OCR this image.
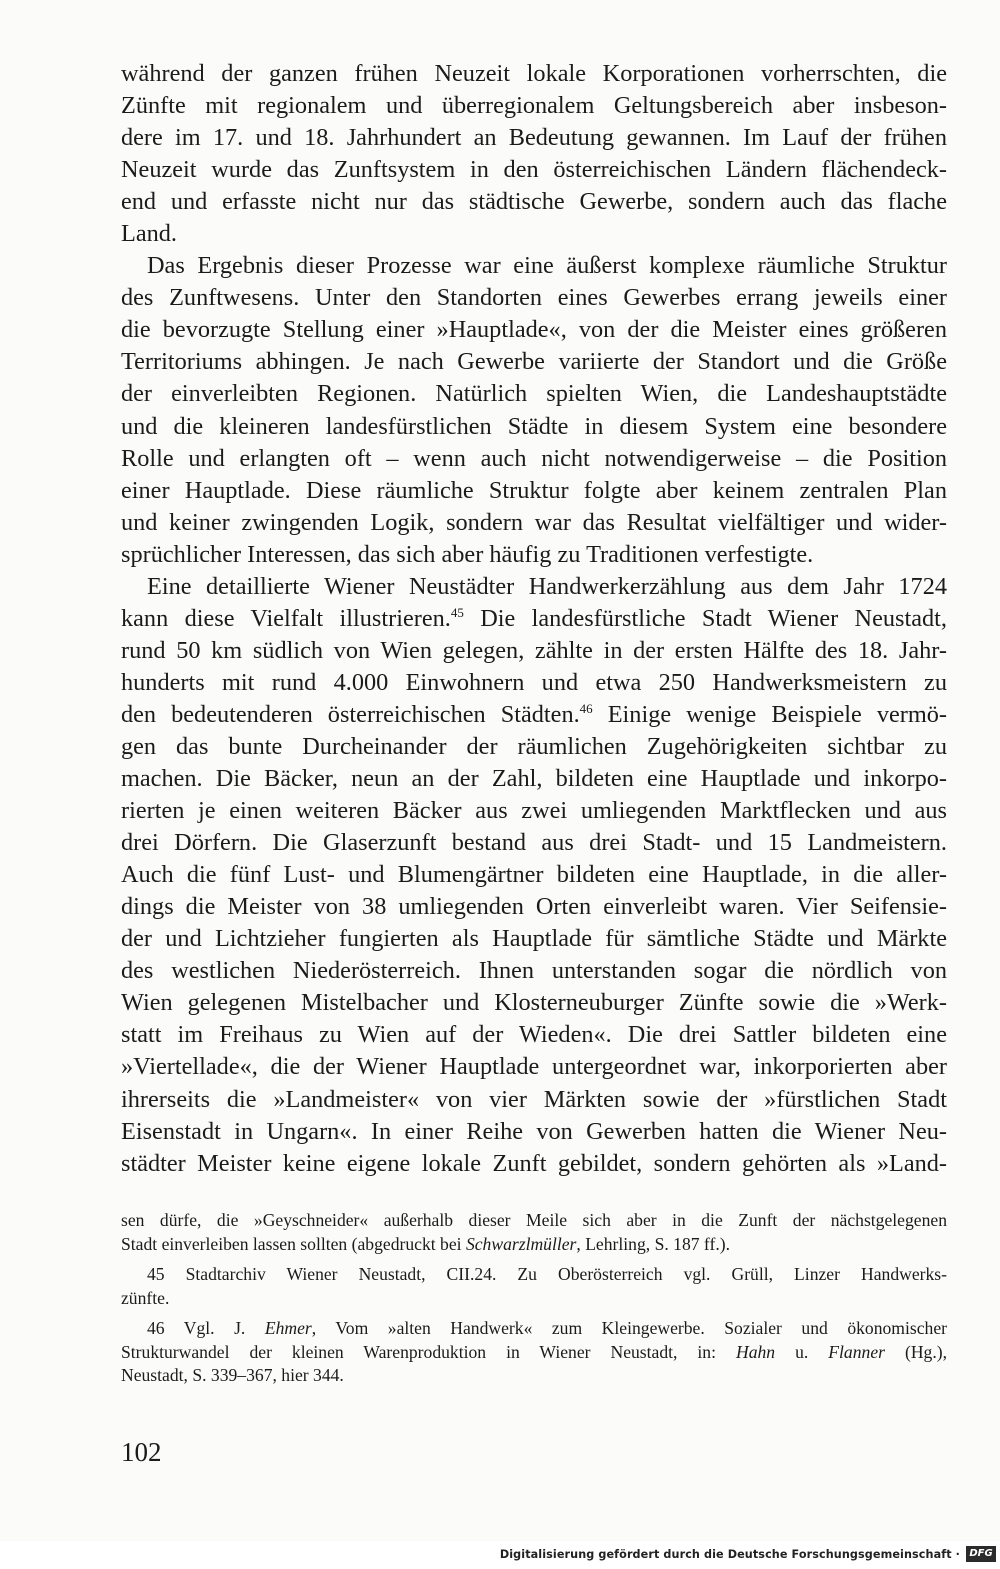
während der ganzen frühen Neuzeit lokale Korporationen vorherrschten, die
Zünfte mit regionalem und überregionalem Geltungsbereich aber insbeson-
dere im 17. und 18. Jahrhundert an Bedeutung gewannen. Im Lauf der frühen
Neuzeit wurde das Zunftsystem in den österreichischen Ländern flächendeck-
end und erfasste nicht nur das städtische Gewerbe, sondern auch das flache
Land.

Das Ergebnis dieser Prozesse war eine äußerst komplexe räumliche Struktur
des Zunftwesens. Unter den Standorten eines Gewerbes errang jeweils einer
die bevorzugte Stellung einer »Hauptlade«, von der die Meister eines größeren
Territoriums abhingen. Je nach Gewerbe variierte der Standort und die Größe
der einverleibten Regionen. Natürlich spielten Wien, die Landeshauptstädte
und die kleineren landesfürstlichen Städte in diesem System eine besondere
Rolle und erlangten oft – wenn auch nicht notwendigerweise – die Position
einer Hauptlade. Diese räumliche Struktur folgte aber keinem zentralen Plan
und keiner zwingenden Logik, sondern war das Resultat vielfältiger und wider-
sprüchlicher Interessen, das sich aber häufig zu Traditionen verfestigte.

Eine detaillierte Wiener Neustädter Handwerkerzählung aus dem Jahr 1724
kann diese Vielfalt illustrieren.$^{45}$ Die landesfürstliche Stadt Wiener Neustadt,
rund 50 km südlich von Wien gelegen, zählte in der ersten Hälfte des 18. Jahr-
hunderts mit rund 4.000 Einwohnern und etwa 250 Handwerksmeistern zu
den bedeutenderen österreichischen Städten.$^{46}$ Einige wenige Beispiele vermö-
gen das bunte Durcheinander der räumlichen Zugehörigkeiten sichtbar zu
machen. Die Bäcker, neun an der Zahl, bildeten eine Hauptlade und inkorpo-
rierten je einen weiteren Bäcker aus zwei umliegenden Marktflecken und aus
drei Dörfern. Die Glaserzunft bestand aus drei Stadt- und 15 Landmeistern.
Auch die fünf Lust- und Blumengärtner bildeten eine Hauptlade, in die aller-
dings die Meister von 38 umliegenden Orten einverleibt waren. Vier Seifensie-
der und Lichtzieher fungierten als Hauptlade für sämtliche Städte und Märkte
des westlichen Niederösterreich. Ihnen unterstanden sogar die nördlich von
Wien gelegenen Mistelbacher und Klosterneuburger Zünfte sowie die »Werk-
statt im Freihaus zu Wien auf der Wieden«. Die drei Sattler bildeten eine
»Viertellade«, die der Wiener Hauptlade untergeordnet war, inkorporierten aber
ihrerseits die »Landmeister« von vier Märkten sowie der »fürstlichen Stadt
Eisenstadt in Ungarn«. In einer Reihe von Gewerben hatten die Wiener Neu-
städter Meister keine eigene lokale Zunft gebildet, sondern gehörten als »Land-

sen dürfe, die »Geyschneider« außerhalb dieser Meile sich aber in die Zunft der nächstgelegenen
Stadt einverleiben lassen sollten (abgedruckt bei Schwarzlmüller, Lehrling, S. 187 ff.).
45 Stadtarchiv Wiener Neustadt, CII.24. Zu Oberösterreich vgl. Grüll, Linzer Handwerks-
zünfte.
46 Vgl. J. Ehmer, Vom »alten Handwerk« zum Kleingewerbe. Sozialer und ökonomischer
Strukturwandel der kleinen Warenproduktion in Wiener Neustadt, in: Hahn u. Flanner (Hg.),
Neustadt, S. 339–367, hier 344.
102
Digitalisierung gefördert durch die Deutsche Forschungsgemeinschaft · DFG
